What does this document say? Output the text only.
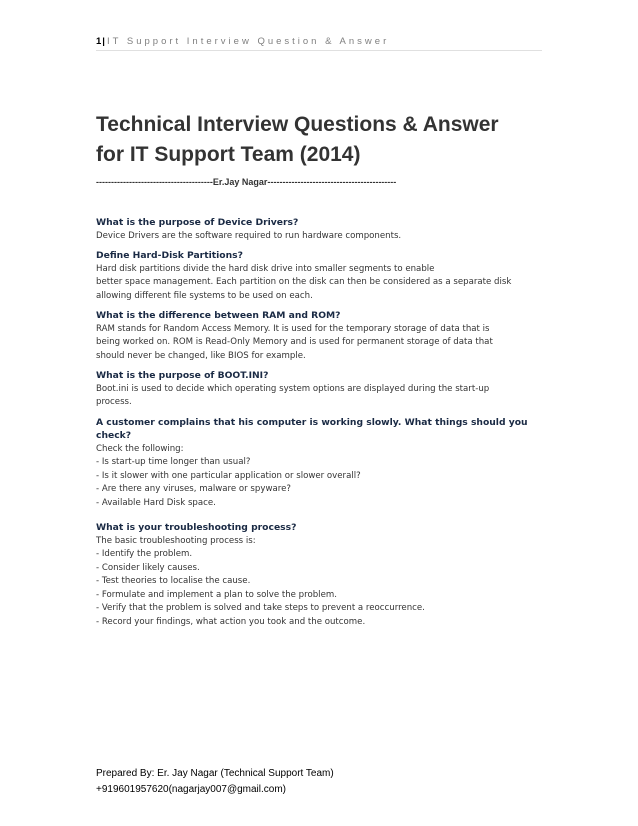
1| IT Support Interview Question & Answer
Technical Interview Questions & Answer
for IT Support Team (2014)
---------------------------------------Er.Jay Nagar-------------------------------------------
What is the purpose of Device Drivers?
Device Drivers are the software required to run hardware components.
Define Hard-Disk Partitions?
Hard disk partitions divide the hard disk drive into smaller segments to enable
better space management. Each partition on the disk can then be considered as a separate disk
allowing different file systems to be used on each.
What is the difference between RAM and ROM?
RAM stands for Random Access Memory. It is used for the temporary storage of data that is
being worked on. ROM is Read-Only Memory and is used for permanent storage of data that
should never be changed, like BIOS for example.
What is the purpose of BOOT.INI?
Boot.ini is used to decide which operating system options are displayed during the start-up
process.
A customer complains that his computer is working slowly. What things should you check?
Check the following:
- Is start-up time longer than usual?
- Is it slower with one particular application or slower overall?
- Are there any viruses, malware or spyware?
- Available Hard Disk space.
What is your troubleshooting process?
The basic troubleshooting process is:
- Identify the problem.
- Consider likely causes.
- Test theories to localise the cause.
- Formulate and implement a plan to solve the problem.
- Verify that the problem is solved and take steps to prevent a reoccurrence.
- Record your findings, what action you took and the outcome.
Prepared By: Er. Jay Nagar (Technical Support Team)
+919601957620(nagarjay007@gmail.com)
